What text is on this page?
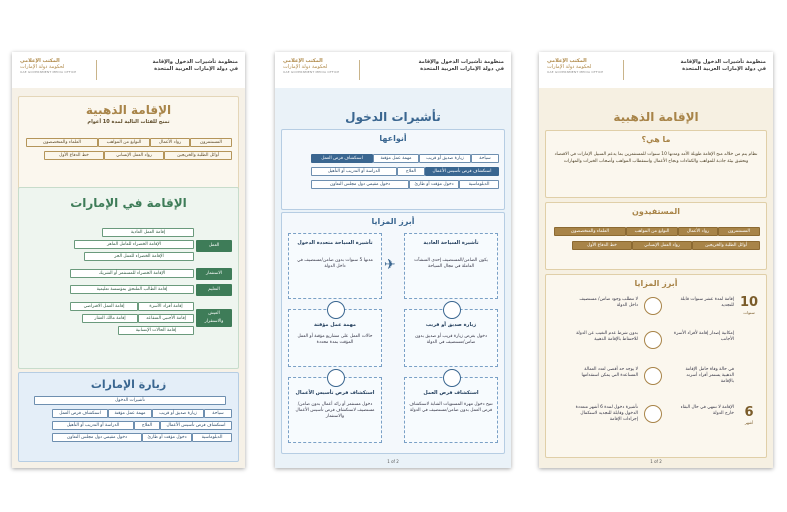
منظومة تأشيرات الدخول والإقامة
في دولة الإمارات العربية المتحدة
المكتب الإعلامي
لحكومة دولة الإمارات
UAE GOVERNMENT MEDIA OFFICE
الإقامة الذهبية
تمنح للفئات التالية لمدة 10 أعوام
المستثمرون
رواد الأعمال
النوابغ من المواهب
العلماء والمتخصصون
أوائل الطلبة والخريجين
رواد العمل الإنساني
خط الدفاع الأول
الإقامة في الإمارات
العمل
إقامة العمل العادية
الإقامة الخضراء للعامل الماهر
الإقامة الخضراء للعمل الحر
الاستثمار
الإقامة الخضراء للمستثمر أو الشريك
التعليم
إقامة الطالب الملتحق بمؤسسة تعليمية
العيش والاستقرار
إقامة أفراد الأسرة
إقامة العمل الافتراضي
إقامة الأجنبي المتقاعد
إقامة مالك العقار
إقامة الحالات الإنسانية
زيارة الإمارات
تأشيرات الدخول
سياحة
زيارة صديق أو قريب
مهمة عمل مؤقتة
استكشاف فرص العمل
استكشاف فرص تأسيس الأعمال
العلاج
الدراسة أو التدريب أو التأهيل
الدبلوماسية
دخول مؤقت أو طارئ
دخول مقيمي دول مجلس التعاون
منظومة تأشيرات الدخول والإقامة
في دولة الإمارات العربية المتحدة
المكتب الإعلامي
لحكومة دولة الإمارات
UAE GOVERNMENT MEDIA OFFICE
تأشيرات الدخول
أنواعها
سياحة
زيارة صديق أو قريب
مهمة عمل مؤقتة
استكشاف فرص العمل
استكشاف فرص تأسيس الأعمال
العلاج
الدراسة أو التدريب أو التأهيل
الدبلوماسية
دخول مؤقت أو طارئ
دخول مقيمي دول مجلس التعاون
أبرز المزايا
تأشيرة السياحة العادية
يكون الضامن/المستضيف إحدى المنشآت العاملة في مجال السياحة
✈
تأشيرة السياحة متعددة الدخول
مدتها 5 سنوات بدون ضامن/مستضيف في داخل الدولة
زيارة صديق أو قريب
دخول بغرض زيارة قريب أو صديق بدون ضامن/مستضيف في الدولة
مهمة عمل مؤقتة
حالات العمل على مشاريع مؤقتة أو العمل المؤقت بمدة محددة
استكشاف فرص العمل
تتيح دخول مهرة المستويات الشابة لاستكشاف فرص العمل بدون ضامن/مستضيف في الدولة
استكشاف فرص تأسيس الأعمال
دخول مستثمر أو رائد أعمال بدون ضامن/مستضيف لاستكشاف فرص تأسيس الأعمال والاستثمار
1 of 2
منظومة تأشيرات الدخول والإقامة
في دولة الإمارات العربية المتحدة
المكتب الإعلامي
لحكومة دولة الإمارات
UAE GOVERNMENT MEDIA OFFICE
الإقامة الذهبية
ما هي؟
نظام يتم من خلاله منح الإقامة طويلة الأمد ومدتها 10 سنوات للمستثمرين بما يدعم السبيل الإمارات في الاقتصاد وتحقيق بيئة جاذبة للمواهب والكفاءات ونجاح الأعمال واستقطاب المواهب وأصحاب الخبرات والمهارات
المستفيدون
المستثمرون
رواد الأعمال
النوابغ من المواهب
العلماء والمتخصصون
أوائل الطلبة والخريجين
رواد العمل الإنساني
خط الدفاع الأول
أبرز المزايا
10
سنوات
6
أشهر
إقامة لمدة عشر سنوات قابلة للتجديد
لا تتطلب وجود ضامن/ مستضيف داخل الدولة
إمكانية إصدار إقامة لأفراد الأسرة الأجانب
بدون شرط عدم التغيب عن الدولة للاحتفاظ بالإقامة الذهبية
في حالة وفاة حامل الإقامة الذهبية يستمر أفراد أسرته بالإقامة
لا يوجد حد أقصى لعدد العمالة المساعدة التي يمكن استقدامها
الإقامة لا تنتهي في حال البقاء خارج الدولة
تأشيرة دخول لمدة 6 أشهر متعددة الدخول وقابلة للتجديد لاستكمال إجراءات الإقامة
1 of 2
